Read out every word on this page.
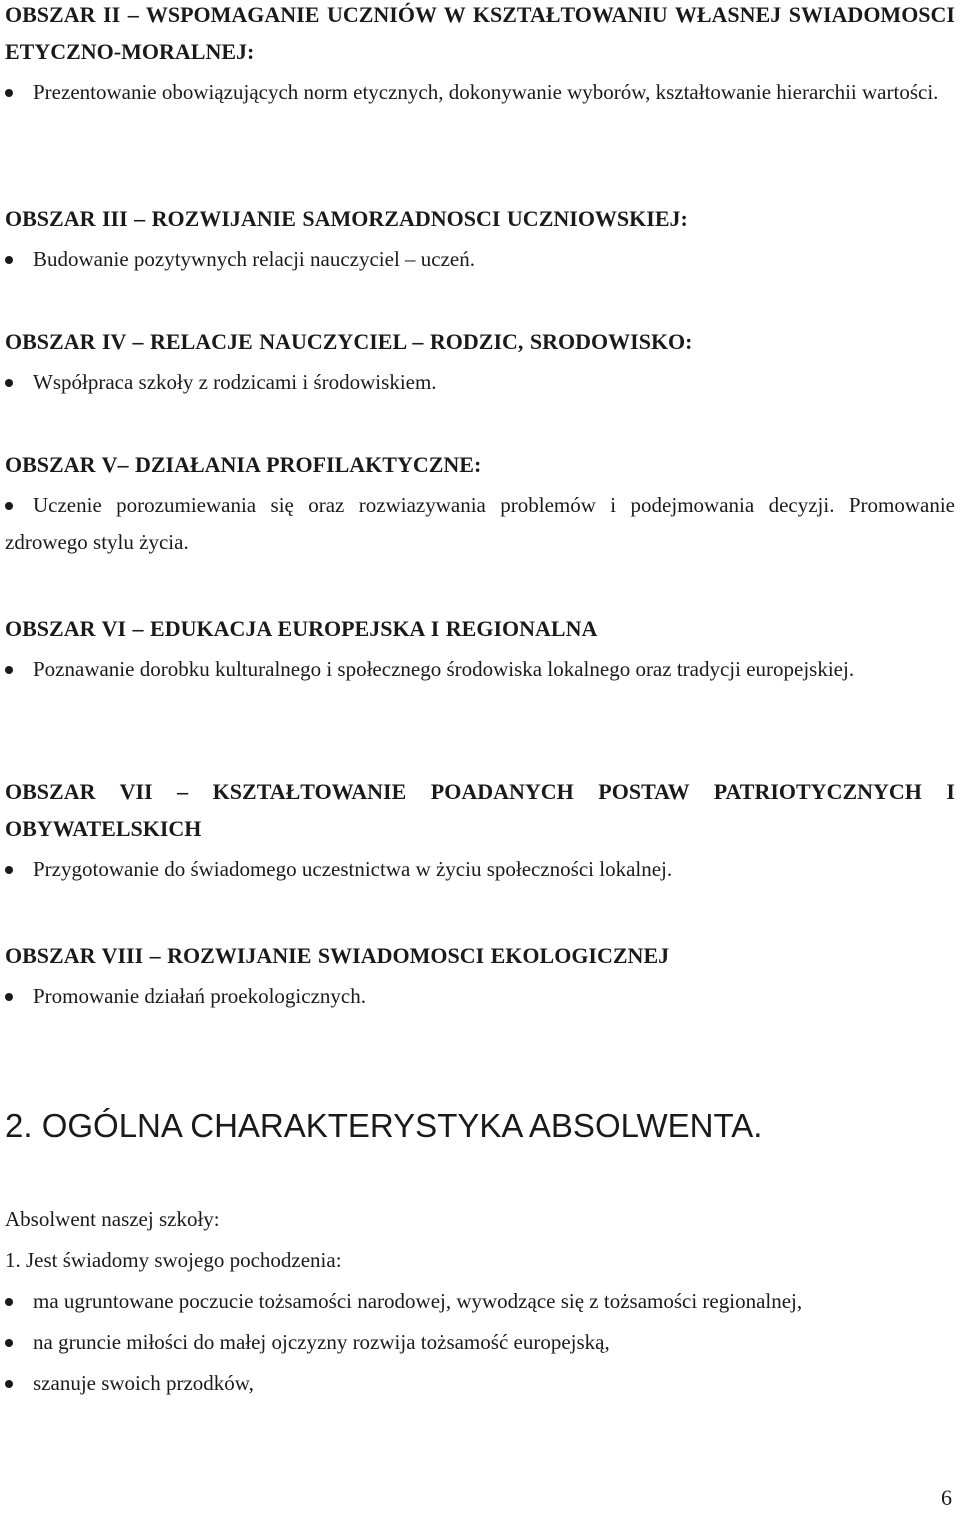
OBSZAR II – WSPOMAGANIE UCZNIÓW W KSZTAŁTOWANIU WŁASNEJ SWIADOMOSCI ETYCZNO-MORALNEJ:

Prezentowanie obowiązujących norm etycznych, dokonywanie wyborów, kształtowanie hierarchii wartości.

OBSZAR III – ROZWIJANIE SAMORZADNOSCI UCZNIOWSKIEJ:

Budowanie pozytywnych relacji nauczyciel – uczeń.

OBSZAR IV – RELACJE NAUCZYCIEL – RODZIC, SRODOWISKO:

Współpraca szkoły z rodzicami i środowiskiem.

OBSZAR V– DZIAŁANIA PROFILAKTYCZNE:

Uczenie porozumiewania się oraz rozwiazywania problemów i podejmowania decyzji. Promowanie zdrowego stylu życia.

OBSZAR VI – EDUKACJA EUROPEJSKA I REGIONALNA

Poznawanie dorobku kulturalnego i społecznego środowiska lokalnego oraz tradycji europejskiej.

OBSZAR VII – KSZTAŁTOWANIE POADANYCH POSTAW PATRIOTYCZNYCH I OBYWATELSKICH

Przygotowanie do świadomego uczestnictwa w życiu społeczności lokalnej.

OBSZAR VIII – ROZWIJANIE SWIADOMOSCI EKOLOGICZNEJ

Promowanie działań proekologicznych.

2. OGÓLNA CHARAKTERYSTYKA ABSOLWENTA.

Absolwent naszej szkoły:

1. Jest świadomy swojego pochodzenia:

ma ugruntowane poczucie tożsamości narodowej, wywodzące się z tożsamości regionalnej,

na gruncie miłości do małej ojczyzny rozwija tożsamość europejską,

szanuje swoich przodków,

6
